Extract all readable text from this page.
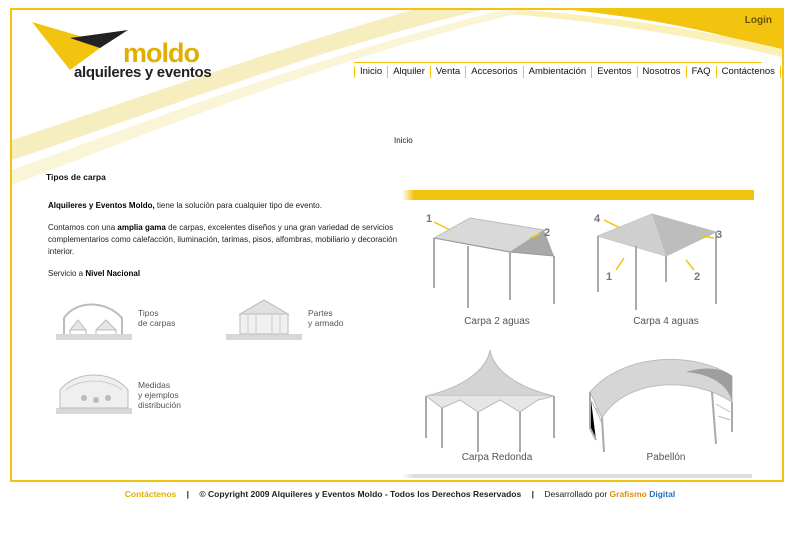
Login
moldo
alquileres y eventos	Inicio	Alquiler	Venta	Accesorios	Ambientación	Eventos	Nosotros	FAQ	Contáctenos
Inicio
Tipos de carpa

Alquileres y Eventos Moldo, tiene la solución para cualquier tipo de evento.

Contamos con una amplia gama de carpas, excelentes diseños y una gran variedad de servicios complementarios como calefacción, iluminación, tarimas, pisos, alfombras, mobiliario y decoración interior.

Servicio a Nivel Nacional

Tipos
de carpas
Partes
y armado
Medidas
y ejemplos
distribución
1
2
Carpa 2 aguas
4
3
1	2
Carpa 4 aguas
Carpa Redonda	Pabellón
Contáctenos | © Copyright 2009 Alquileres y Eventos Moldo - Todos los Derechos Reservados | Desarrollado por Grafismo Digital
